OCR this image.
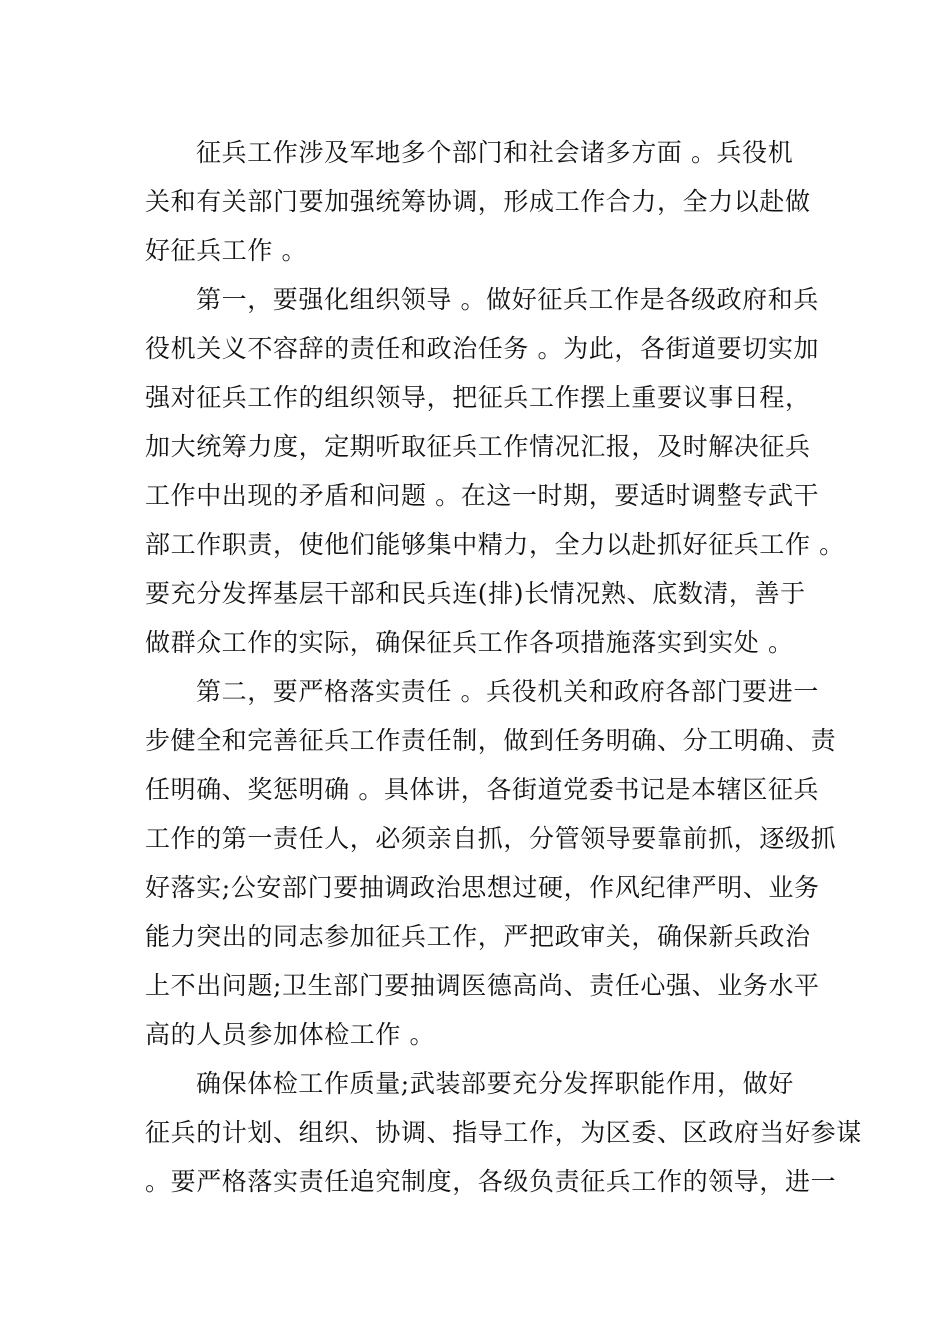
征兵工作涉及军地多个部门和社会诸多方面 。兵役机
关和有关部门要加强统筹协调，形成工作合力，全力以赴做
好征兵工作 。
第一，要强化组织领导 。做好征兵工作是各级政府和兵
役机关义不容辞的责任和政治任务 。为此，各街道要切实加
强对征兵工作的组织领导，把征兵工作摆上重要议事日程，
加大统筹力度，定期听取征兵工作情况汇报，及时解决征兵
工作中出现的矛盾和问题 。在这一时期，要适时调整专武干
部工作职责，使他们能够集中精力，全力以赴抓好征兵工作 。
要充分发挥基层干部和民兵连(排)长情况熟、底数清，善于
做群众工作的实际，确保征兵工作各项措施落实到实处 。
第二，要严格落实责任 。兵役机关和政府各部门要进一
步健全和完善征兵工作责任制，做到任务明确、分工明确、责
任明确、奖惩明确 。具体讲，各街道党委书记是本辖区征兵
工作的第一责任人，必须亲自抓，分管领导要靠前抓，逐级抓
好落实;公安部门要抽调政治思想过硬，作风纪律严明、业务
能力突出的同志参加征兵工作，严把政审关，确保新兵政治
上不出问题;卫生部门要抽调医德高尚、责任心强、业务水平
高的人员参加体检工作 。
确保体检工作质量;武装部要充分发挥职能作用，做好
征兵的计划、组织、协调、指导工作，为区委、区政府当好参谋
。要严格落实责任追究制度，各级负责征兵工作的领导，进一
